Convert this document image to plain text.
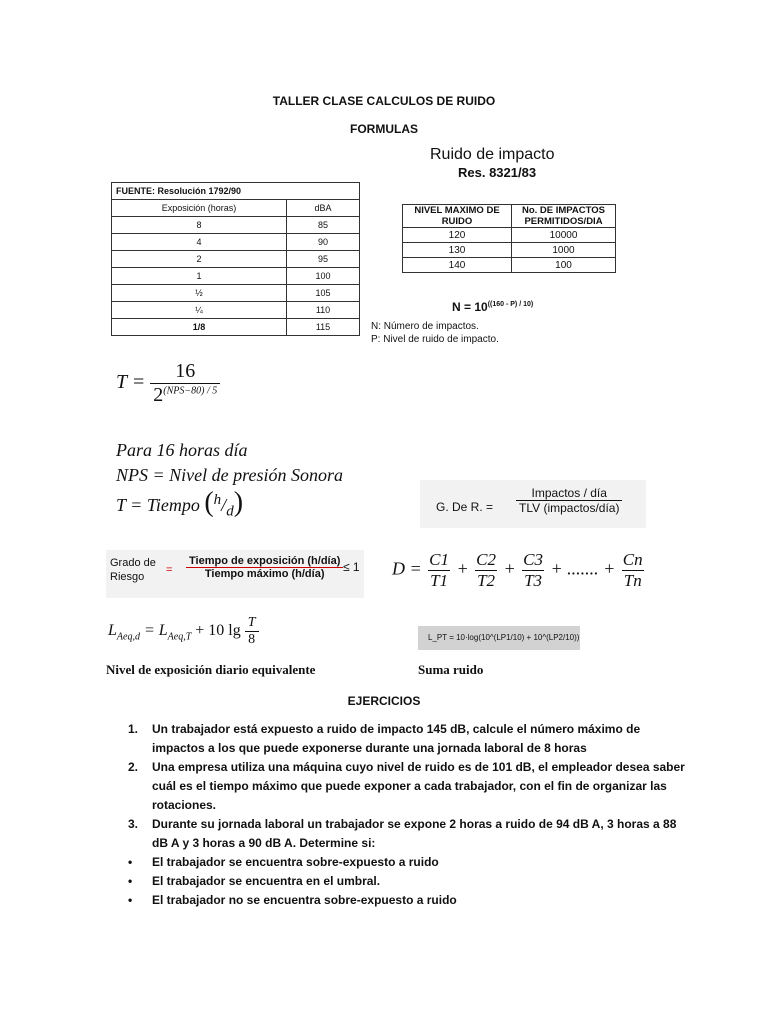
TALLER CLASE CALCULOS DE RUIDO
FORMULAS
FUENTE: Resolución 1792/90	
Exposición (horas)	dBA
8	85
4	90
2	95
1	100
½	105
¼	110
1/8	115
Ruido de impacto
Res. 8321/83
NIVEL MAXIMO DE RUIDO	No. DE IMPACTOS PERMITIDOS/DIA
120	10000
130	1000
140	100
$N = 10^{((160 - P) / 10)}$
N: Número de impactos.
P: Nivel de ruido de impacto.
$T = \frac{16}{2^{(NPS-80) / 5}}$
Para 16 horas día
NPS = Nivel de presión Sonora
T = Tiempo $(^h/_d)$	G. De R. =
Impactos / día
TLV (impactos/día)
Grado de
Riesgo
=
Tiempo de exposición (h/día)
Tiempo máximo (h/día)	≤ 1 $D = \frac{C1}{T1} + \frac{C2}{T2} + \frac{C3}{T3}$ + ....... + $\frac{Cn}{Tn}$
$L_{Aeq,d} = L_{Aeq,T} + 10$ $\lg \frac{T}{8}$	L_PT = 10·log(10^(LP1/10) + 10^(LP2/10))
Nivel de exposición diario equivalente	Suma ruido
EJERCICIOS
1. Un trabajador está expuesto a ruido de impacto 145 dB, calcule el número máximo de impactos a los que puede exponerse durante una jornada laboral de 8 horas
2. Una empresa utiliza una máquina cuyo nivel de ruido es de 101 dB, el empleador desea saber cuál es el tiempo máximo que puede exponer a cada trabajador, con el fin de organizar las rotaciones.
3. Durante su jornada laboral un trabajador se expone 2 horas a ruido de 94 dB A, 3 horas a 88 dB A y 3 horas a 90 dB A. Determine si:
• El trabajador se encuentra sobre-expuesto a ruido
• El trabajador se encuentra en el umbral.
• El trabajador no se encuentra sobre-expuesto a ruido
